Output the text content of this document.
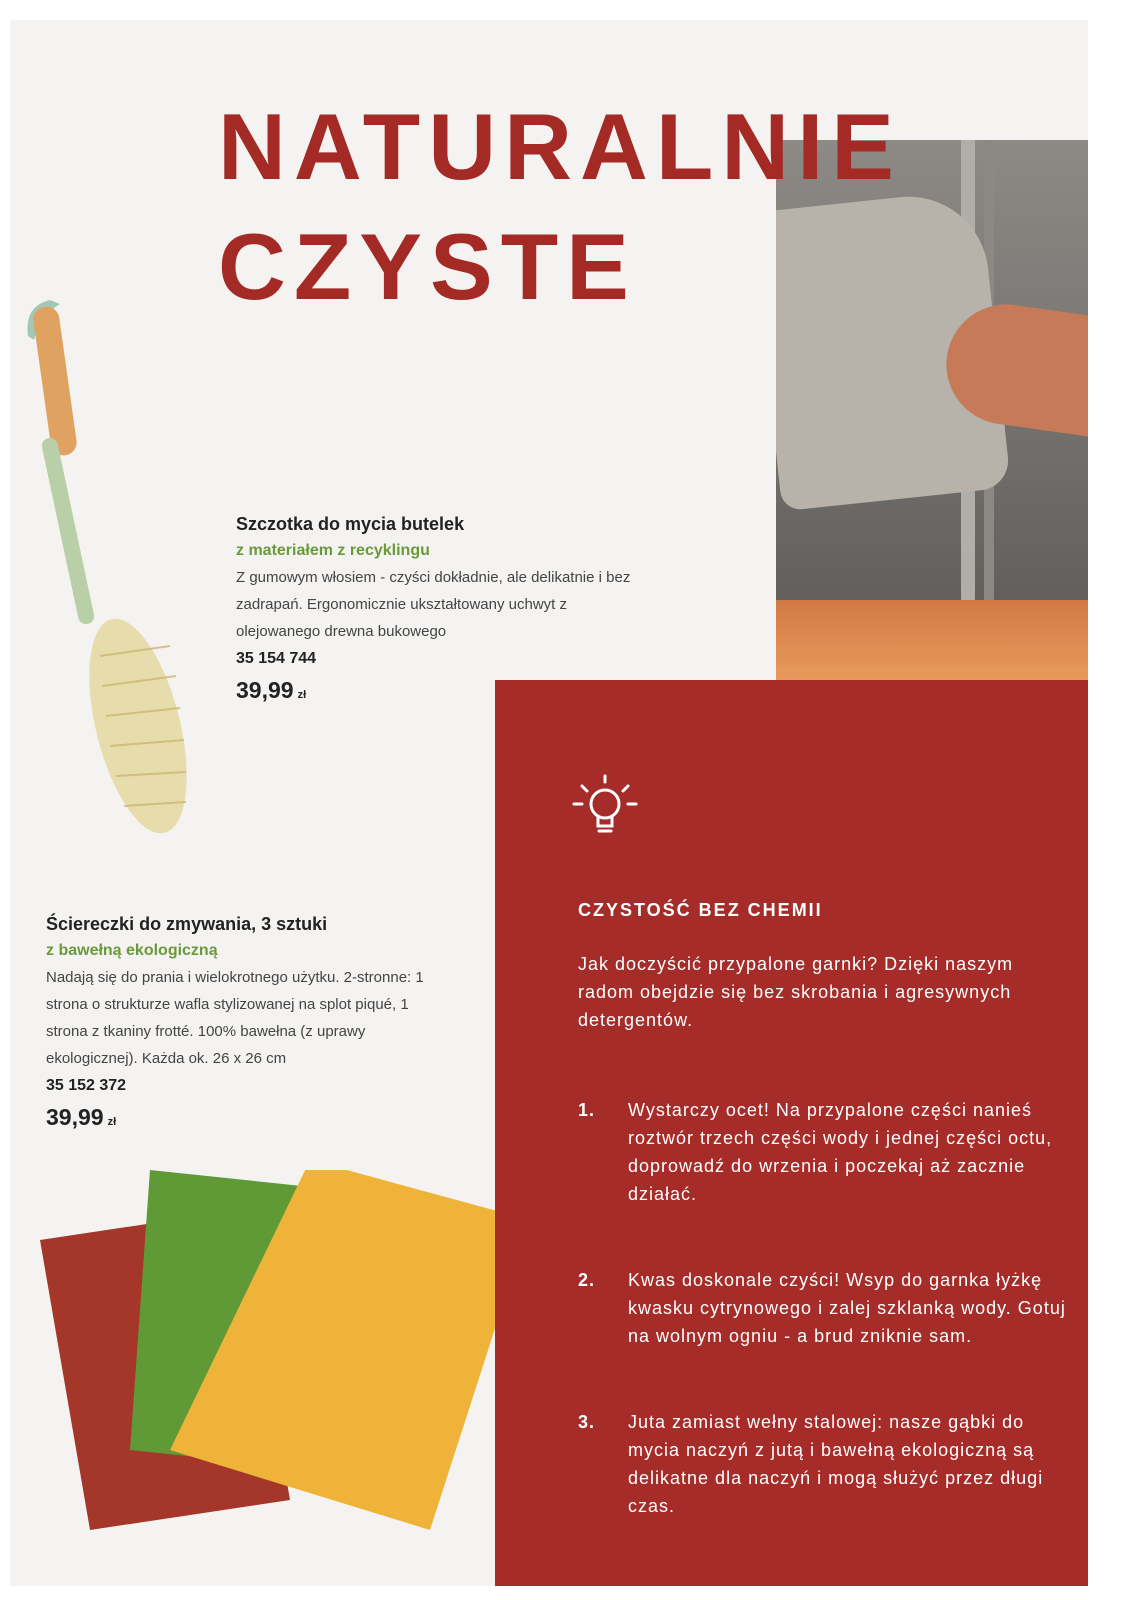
NATURALNIE
CZYSTE
Szczotka do mycia butelek
z materiałem z recyklingu
Z gumowym włosiem - czyści dokładnie, ale delikatnie i bez zadrapań. Ergonomicznie ukształtowany uchwyt z olejowanego drewna bukowego
35 154 744
39,99 zł
Ściereczki do zmywania, 3 sztuki
z bawełną ekologiczną
Nadają się do prania i wielokrotnego użytku. 2-stronne: 1 strona o strukturze wafla stylizowanej na splot piqué, 1 strona z tkaniny frotté. 100% bawełna (z uprawy ekologicznej). Każda ok. 26 x 26 cm
35 152 372
39,99 zł
CZYSTOŚĆ BEZ CHEMII
Jak doczyścić przypalone garnki? Dzięki naszym radom obejdzie się bez skrobania i agresywnych detergentów.
1. Wystarczy ocet! Na przypalone części nanieś roztwór trzech części wody i jednej części octu, doprowadź do wrzenia i poczekaj aż zacznie działać.
2. Kwas doskonale czyści! Wsyp do garnka łyżkę kwasku cytrynowego i zalej szklanką wody. Gotuj na wolnym ogniu - a brud zniknie sam.
3. Juta zamiast wełny stalowej: nasze gąbki do mycia naczyń z jutą i bawełną ekologiczną są delikatne dla naczyń i mogą służyć przez długi czas.
